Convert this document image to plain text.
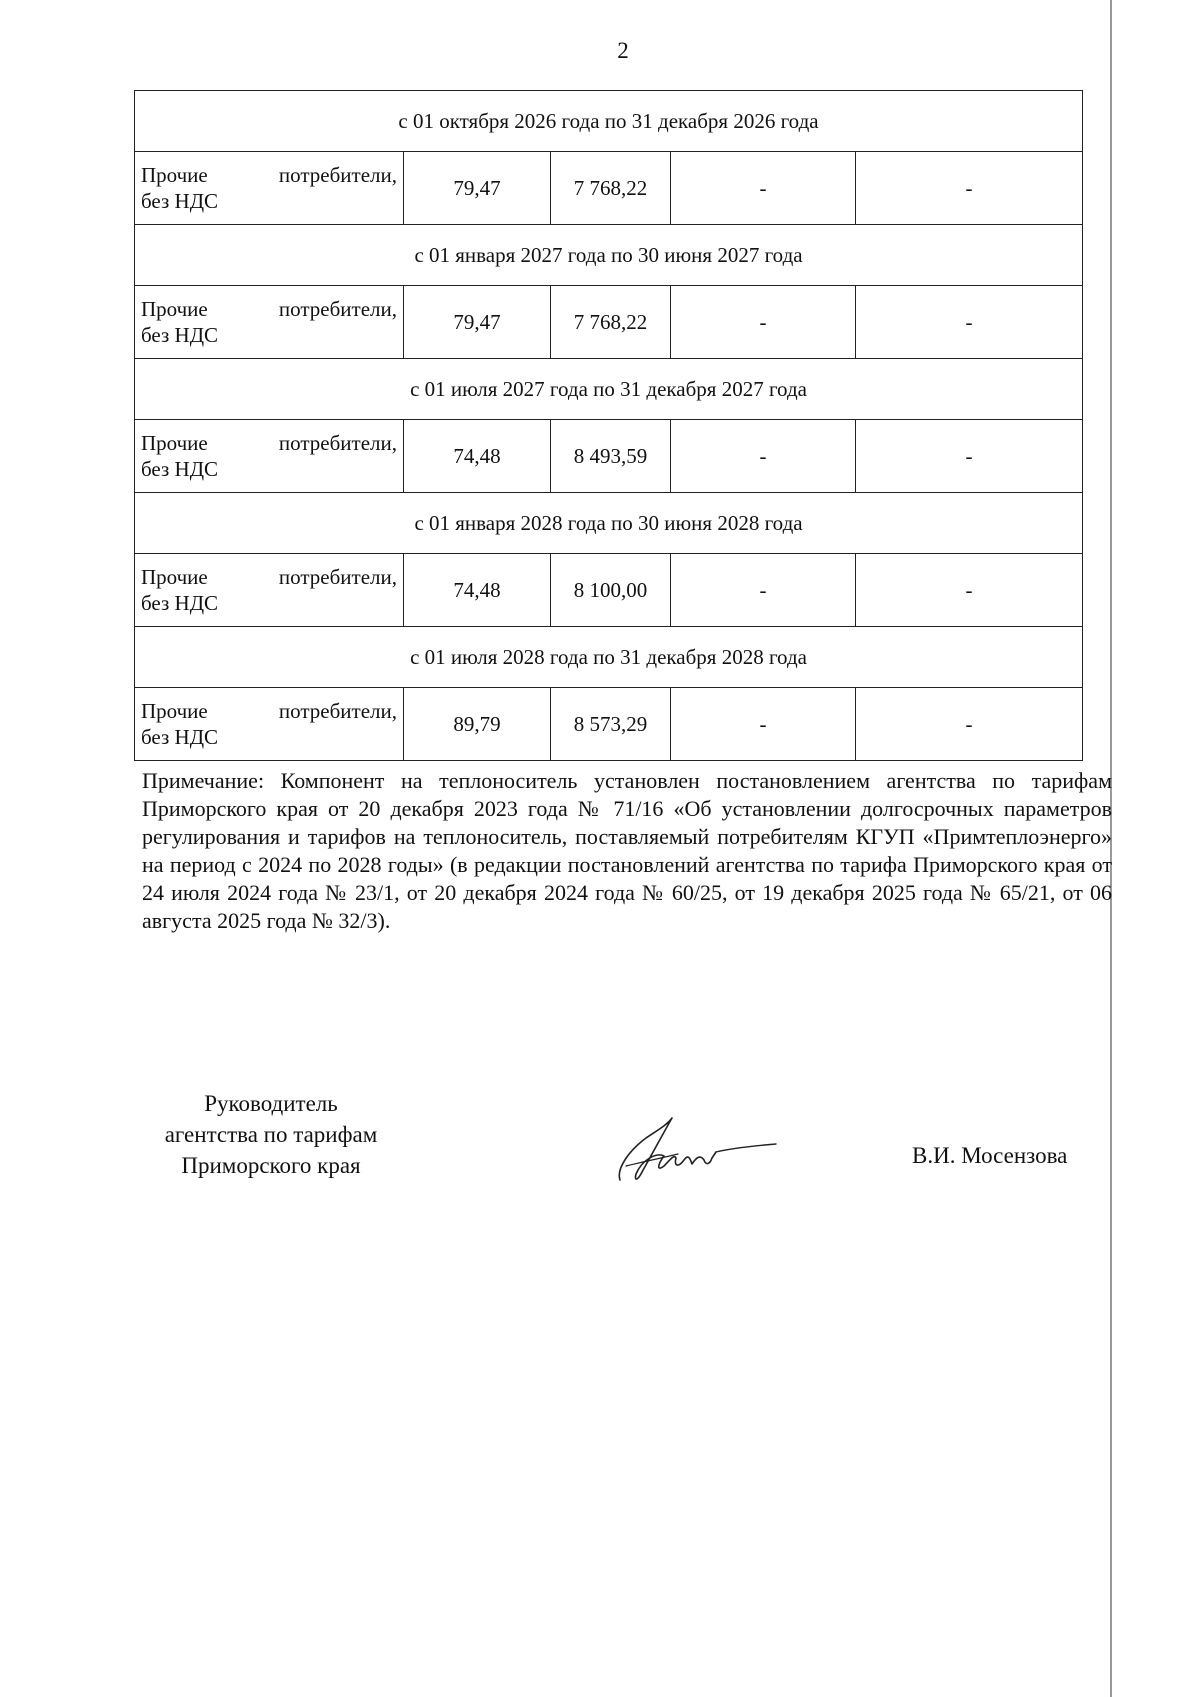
2
с 01 октября 2026 года по 31 декабря 2026 года				

Прочие потребители,
без НДС	79,47	7 768,22	-	-
с 01 января 2027 года по 30 июня 2027 года				

Прочие потребители,
без НДС	79,47	7 768,22	-	-
с 01 июля 2027 года по 31 декабря 2027 года				

Прочие потребители,
без НДС	74,48	8 493,59	-	-
с 01 января 2028 года по 30 июня 2028 года				

Прочие потребители,
без НДС	74,48	8 100,00	-	-
с 01 июля 2028 года по 31 декабря 2028 года				

Прочие потребители,
без НДС	89,79	8 573,29	-	-

Примечание: Компонент на теплоноситель установлен постановлением агентства по тарифам Приморского края от 20 декабря 2023 года № 71/16 «Об установлении долгосрочных параметров регулирования и тарифов на теплоноситель, поставляемый потребителям КГУП «Примтеплоэнерго» на период с 2024 по 2028 годы» (в редакции постановлений агентства по тарифа Приморского края от 24 июля 2024 года № 23/1, от 20 декабря 2024 года № 60/25, от 19 декабря 2025 года № 65/21, от 06 августа 2025 года № 32/3).

Руководитель
агентства по тарифам
Приморского края	В.И. Мосензова
